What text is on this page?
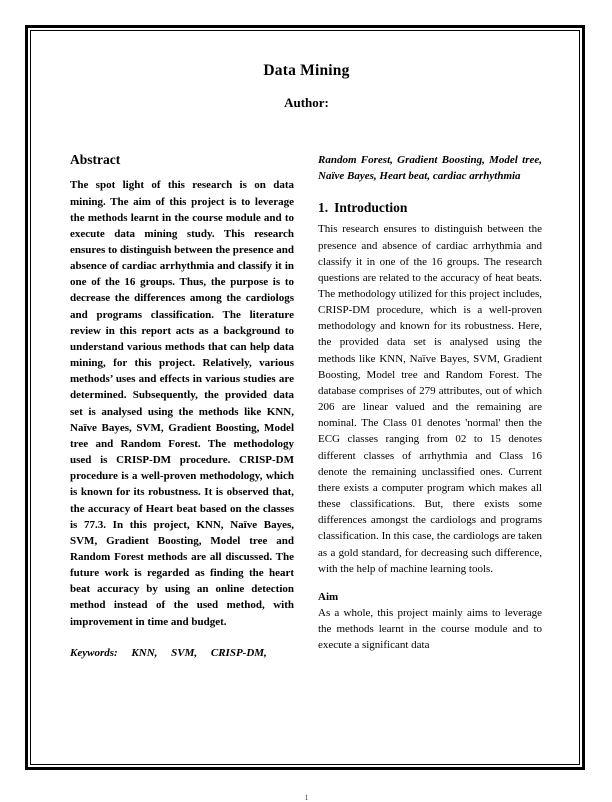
Data Mining
Author:
Abstract

The spot light of this research is on data mining. The aim of this project is to leverage the methods learnt in the course module and to execute data mining study. This research ensures to distinguish between the presence and absence of cardiac arrhythmia and classify it in one of the 16 groups. Thus, the purpose is to decrease the differences among the cardiologs and programs classification. The literature review in this report acts as a background to understand various methods that can help data mining, for this project. Relatively, various methods’ uses and effects in various studies are determined. Subsequently, the provided data set is analysed using the methods like KNN, Naïve Bayes, SVM, Gradient Boosting, Model tree and Random Forest. The methodology used is CRISP-DM procedure. CRISP-DM procedure is a well-proven methodology, which is known for its robustness. It is observed that, the accuracy of Heart beat based on the classes is 77.3. In this project, KNN, Naïve Bayes, SVM, Gradient Boosting, Model tree and Random Forest methods are all discussed. The future work is regarded as finding the heart beat accuracy by using an online detection method instead of the used method, with improvement in time and budget.

Keywords:  KNN,  SVM,  CRISP-DM,

Random Forest, Gradient Boosting, Model tree, Naïve Bayes, Heart beat, cardiac arrhythmia

1. Introduction

This research ensures to distinguish between the presence and absence of cardiac arrhythmia and classify it in one of the 16 groups. The research questions are related to the accuracy of heat beats. The methodology utilized for this project includes, CRISP-DM procedure, which is a well-proven methodology and known for its robustness. Here, the provided data set is analysed using the methods like KNN, Naïve Bayes, SVM, Gradient Boosting, Model tree and Random Forest. The database comprises of 279 attributes, out of which 206 are linear valued and the remaining are nominal. The Class 01 denotes 'normal' then the ECG classes ranging from 02 to 15 denotes different classes of arrhythmia and Class 16 denote the remaining unclassified ones. Current there exists a computer program which makes all these classifications. But, there exists some differences amongst the cardiologs and programs classification. In this case, the cardiologs are taken as a gold standard, for decreasing such difference, with the help of machine learning tools.

Aim

As a whole, this project mainly aims to leverage the methods learnt in the course module and to execute a significant data

1
